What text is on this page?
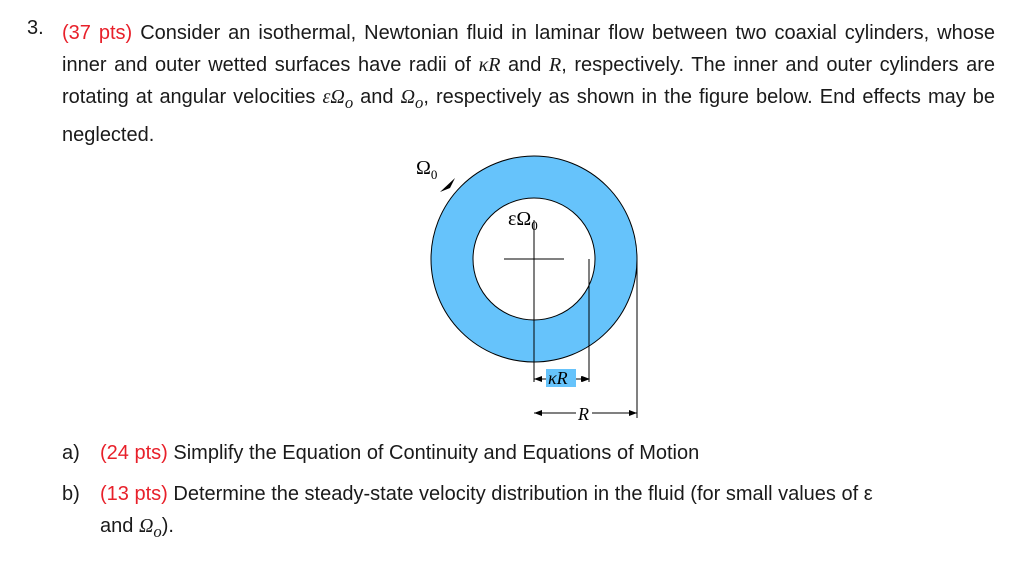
3. (37 pts) Consider an isothermal, Newtonian fluid in laminar flow between two coaxial cylinders, whose inner and outer wetted surfaces have radii of κR and R, respectively. The inner and outer cylinders are rotating at angular velocities $\varepsilon\Omega_o$ and $\Omega_o$, respectively as shown in the figure below. End effects may be neglected.
κR
R
$\Omega_0$
$\varepsilon\Omega_0$
a) (24 pts) Simplify the Equation of Continuity and Equations of Motion
b) (13 pts) Determine the steady-state velocity distribution in the fluid (for small values of ε
and $\Omega_o$).
